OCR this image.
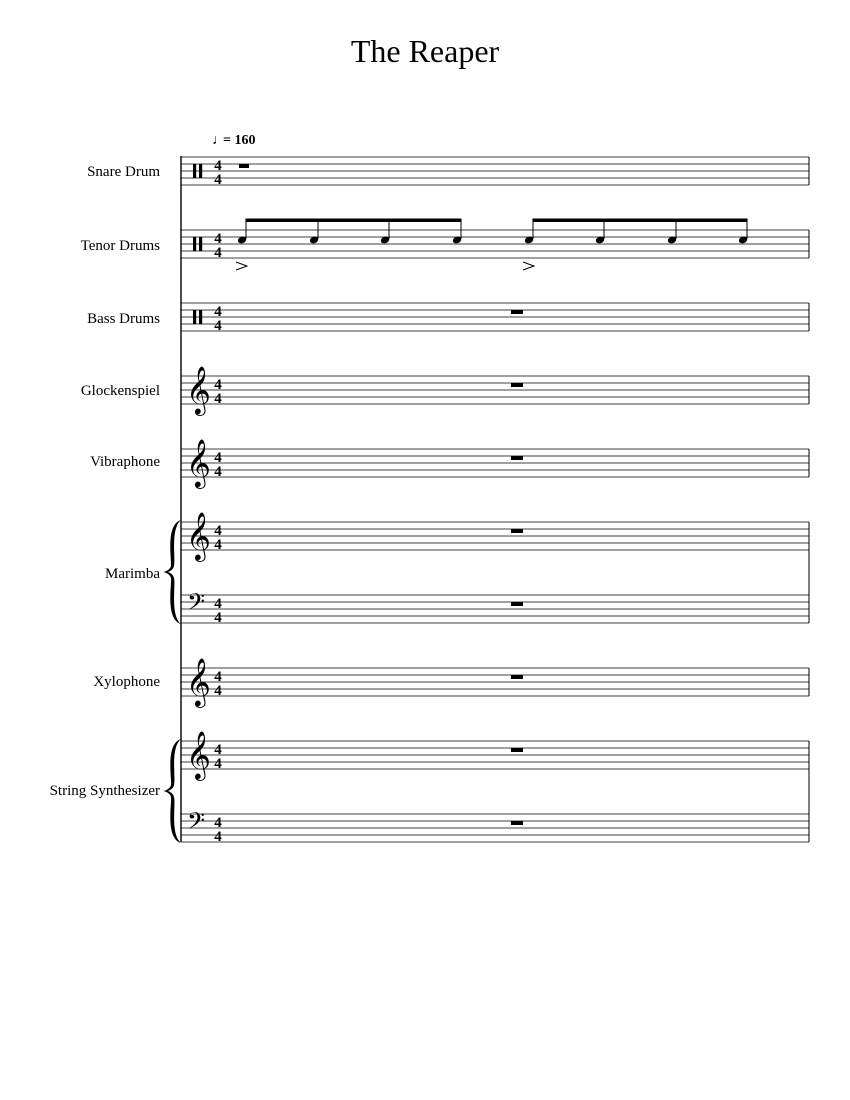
The Reaper
♩
= 160
Snare Drum	4
4
Tenor Drums	4
4
Bass Drums	4
4
Glockenspiel 𝄞 4
4
Vibraphone 𝄞 4
4
Marimba
𝄞
𝄢
4
4
4
4
Xylophone 𝄞 4
4
String Synthesizer
𝄞
𝄢
4
4
4
4
